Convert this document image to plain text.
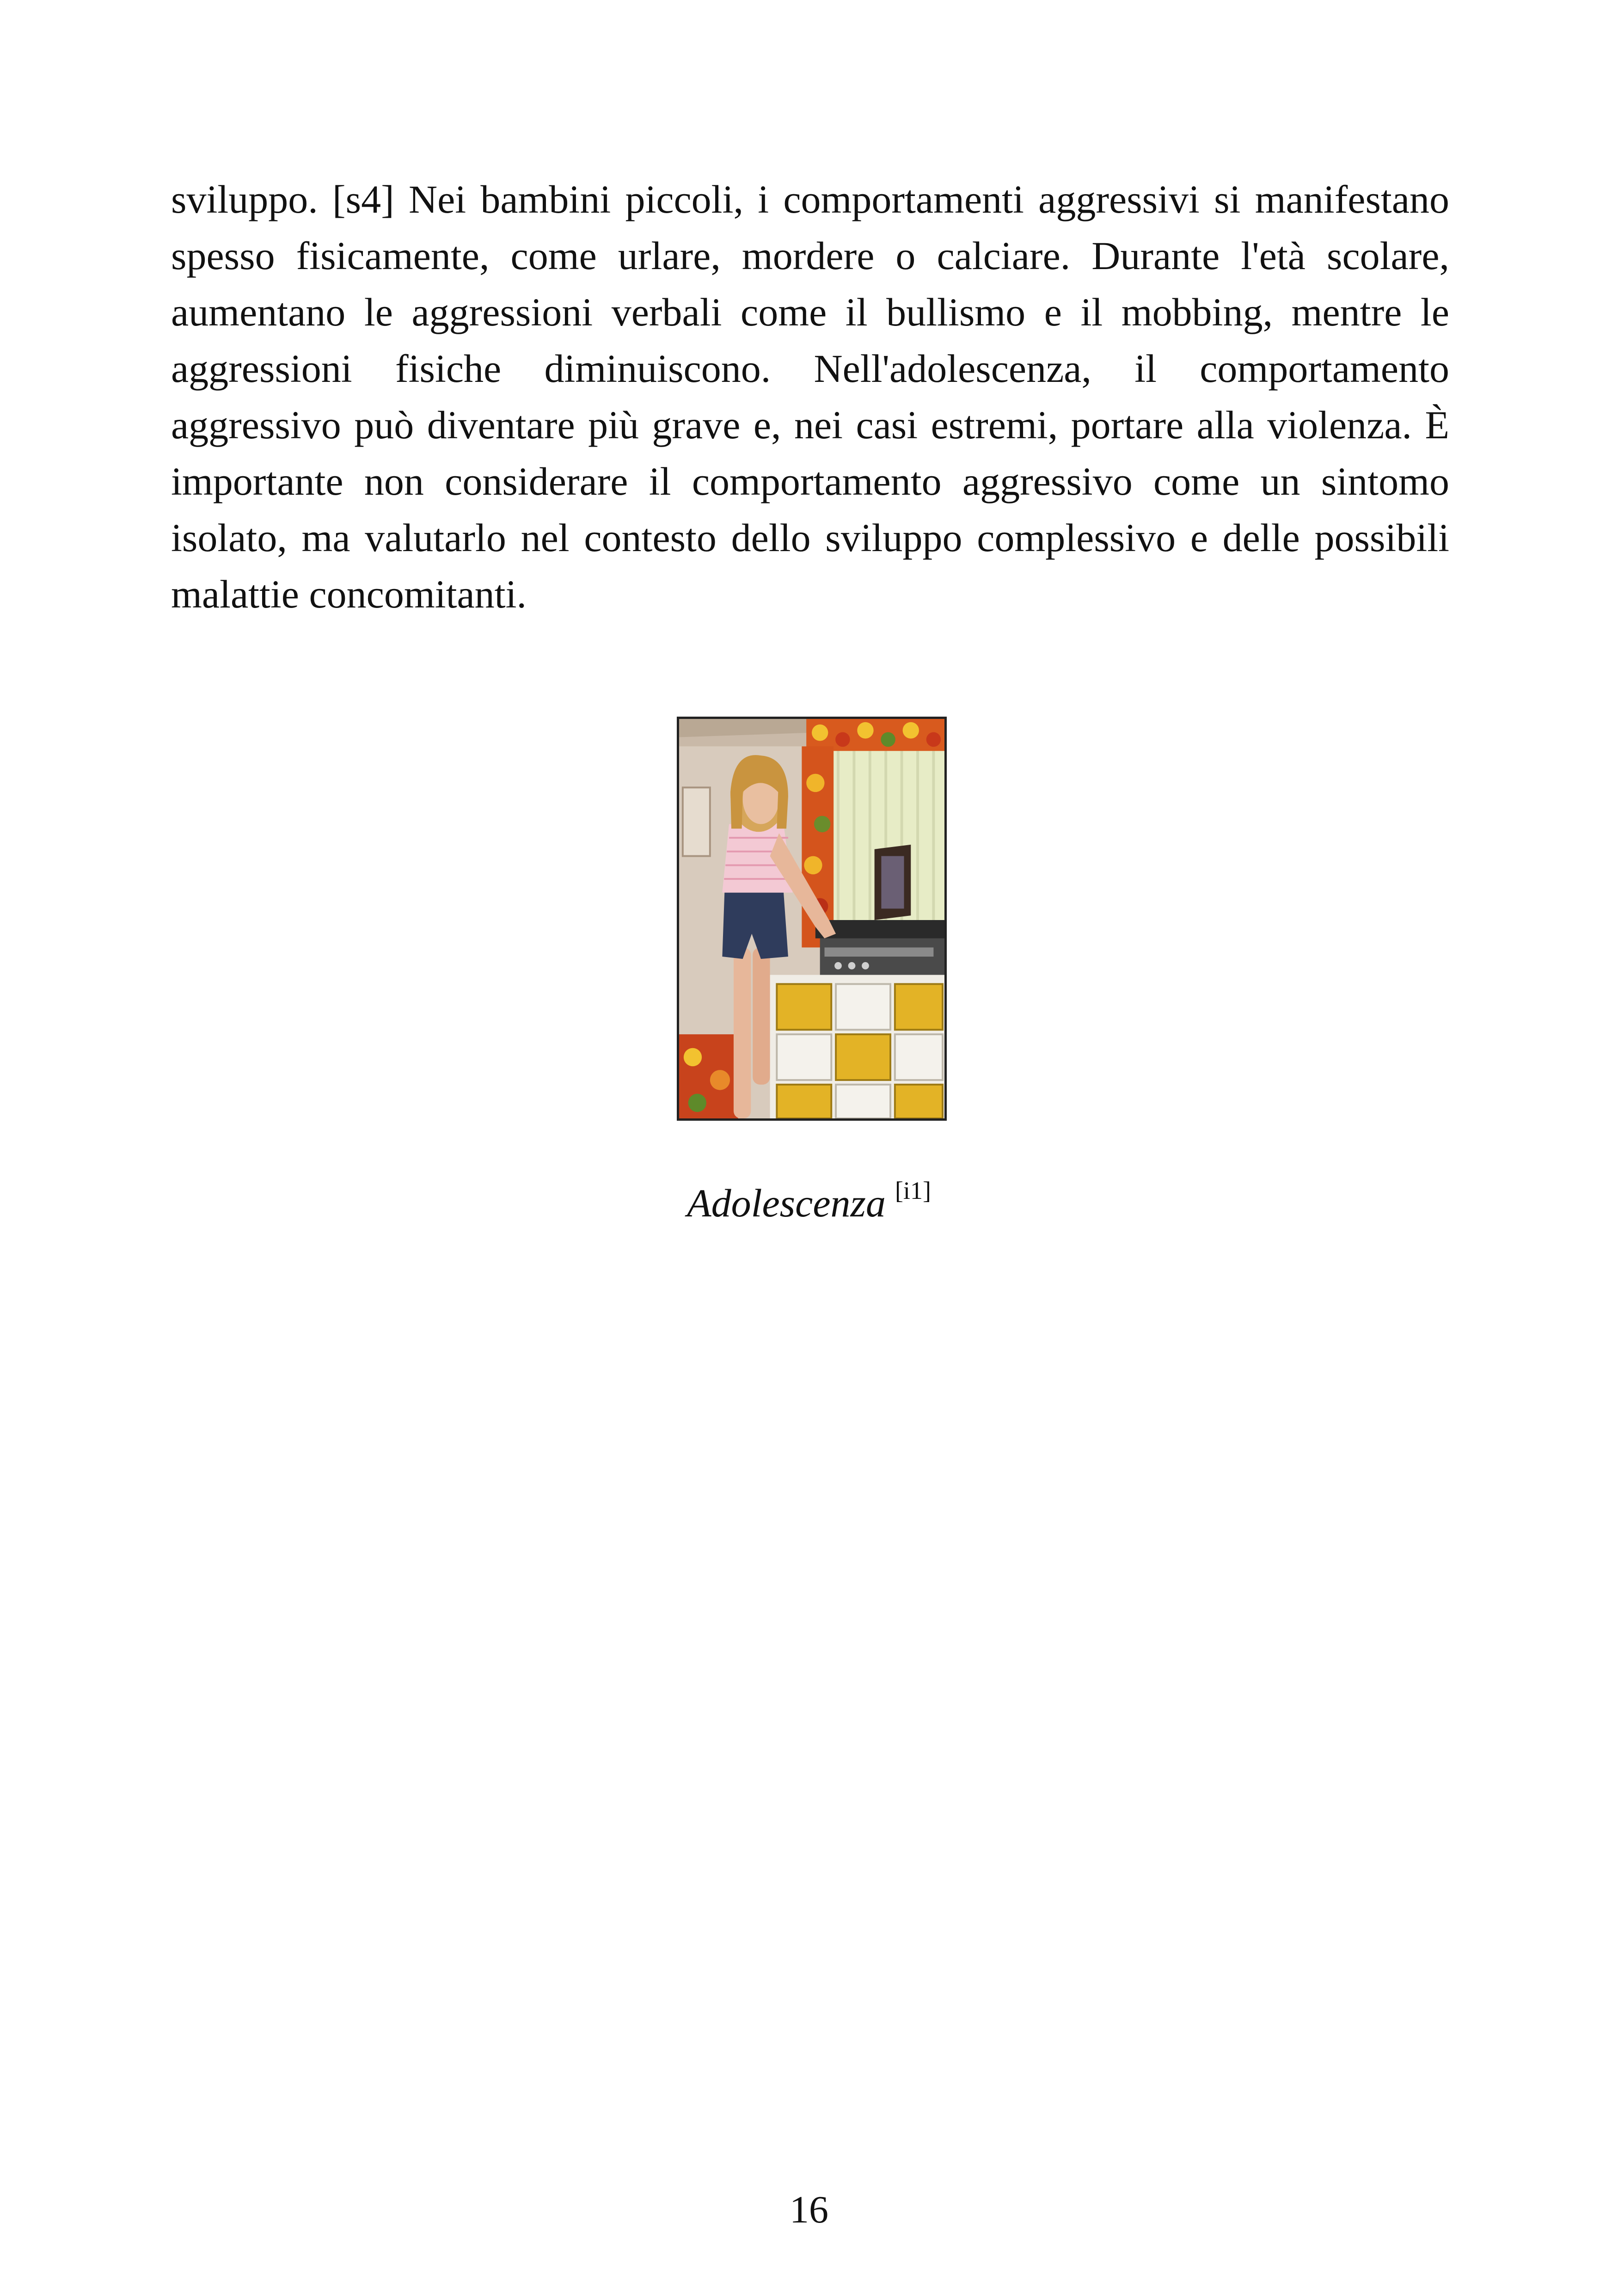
sviluppo. [s4] Nei bambini piccoli, i comportamenti aggressivi si manifestano spesso fisicamente, come urlare, mordere o calciare. Durante l'età scolare, aumentano le aggressioni verbali come il bullismo e il mobbing, mentre le aggressioni fisiche diminuiscono. Nell'adolescenza, il comportamento aggressivo può diventare più grave e, nei casi estremi, portare alla violenza. È importante non considerare il comportamento aggressivo come un sintomo isolato, ma valutarlo nel contesto dello sviluppo complessivo e delle possibili malattie concomitanti.

Adolescenza [i1]

16
